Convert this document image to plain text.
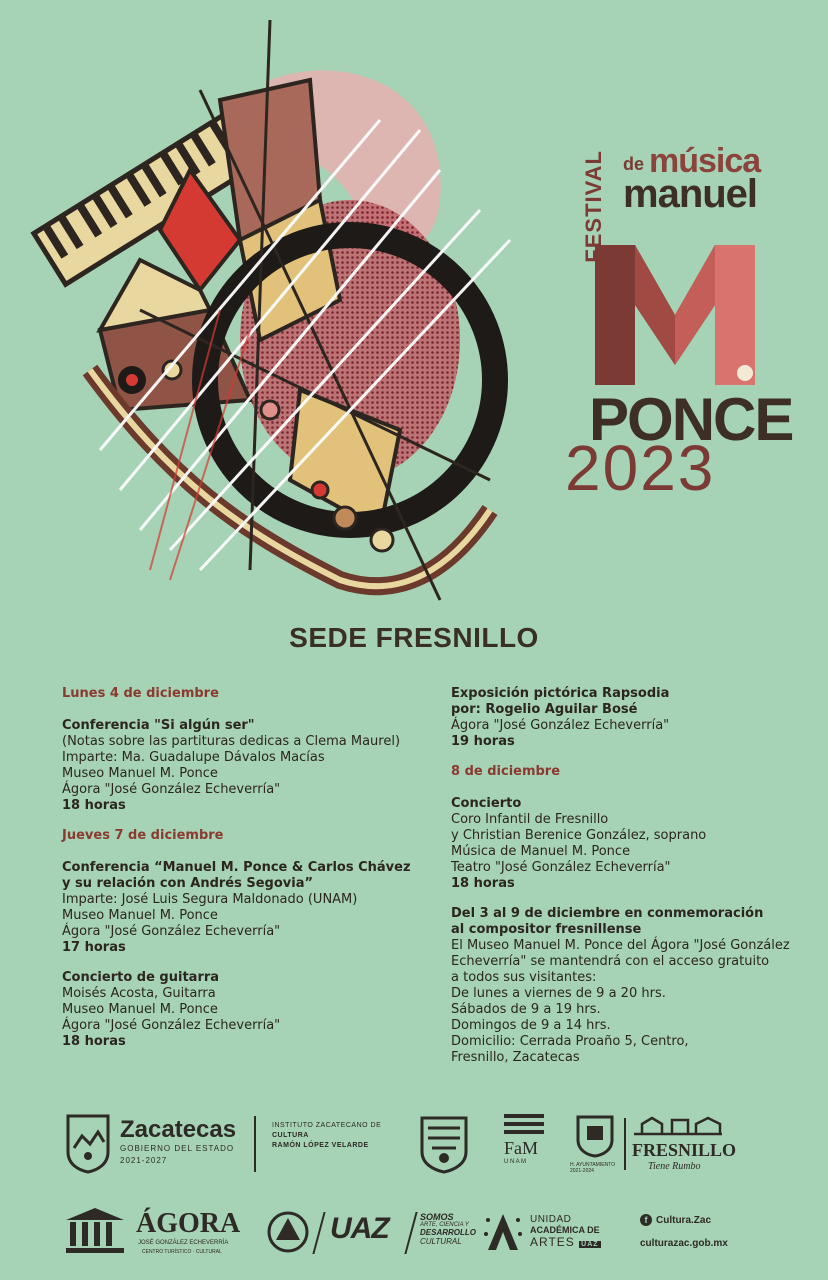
FESTIVAL de música
manuel
PONCE
2023
SEDE FRESNILLO
Lunes 4 de diciembre
Conferencia "Si algún ser"
(Notas sobre las partituras dedicas a Clema Maurel)
Imparte: Ma. Guadalupe Dávalos Macías
Museo Manuel M. Ponce
Ágora "José González Echeverría"
18 horas
Jueves 7 de diciembre
Conferencia “Manuel M. Ponce & Carlos Chávez
y su relación con Andrés Segovia”
Imparte: José Luis Segura Maldonado (UNAM)
Museo Manuel M. Ponce
Ágora "José González Echeverría"
17 horas
Concierto de guitarra
Moisés Acosta, Guitarra
Museo Manuel M. Ponce
Ágora "José González Echeverría"
18 horas
Exposición pictórica Rapsodia
por: Rogelio Aguilar Bosé
Ágora "José González Echeverría"
19 horas
8 de diciembre
Concierto
Coro Infantil de Fresnillo
y Christian Berenice González, soprano
Música de Manuel M. Ponce
Teatro "José González Echeverría"
18 horas
Del 3 al 9 de diciembre en conmemoración
al compositor fresnillense
El Museo Manuel M. Ponce del Ágora "José González
Echeverría" se mantendrá con el acceso gratuito
a todos sus visitantes:
De lunes a viernes de 9 a 20 hrs.
Sábados de 9 a 19 hrs.
Domingos de 9 a 14 hrs.
Domicilio: Cerrada Proaño 5, Centro,
Fresnillo, Zacatecas
Zacatecas
GOBIERNO DEL ESTADO
2021-2027
INSTITUTO ZACATECANO DE
CULTURA
RAMÓN LÓPEZ VELARDE	FaM
U N A M	H. AYUNTAMIENTO
2021-2024
FRESNILLO
Tiene Rumbo
ÁGORA
JOSÉ GONZÁLEZ ECHEVERRÍA
CENTRO TURÍSTICO · CULTURAL
UAZ	SOMOS
ARTE, CIENCIA Y
DESARROLLO
CULTURAL
UNIDAD
ACADÉMICA DE
ARTES UAZ
f Cultura.Zac
culturazac.gob.mx
